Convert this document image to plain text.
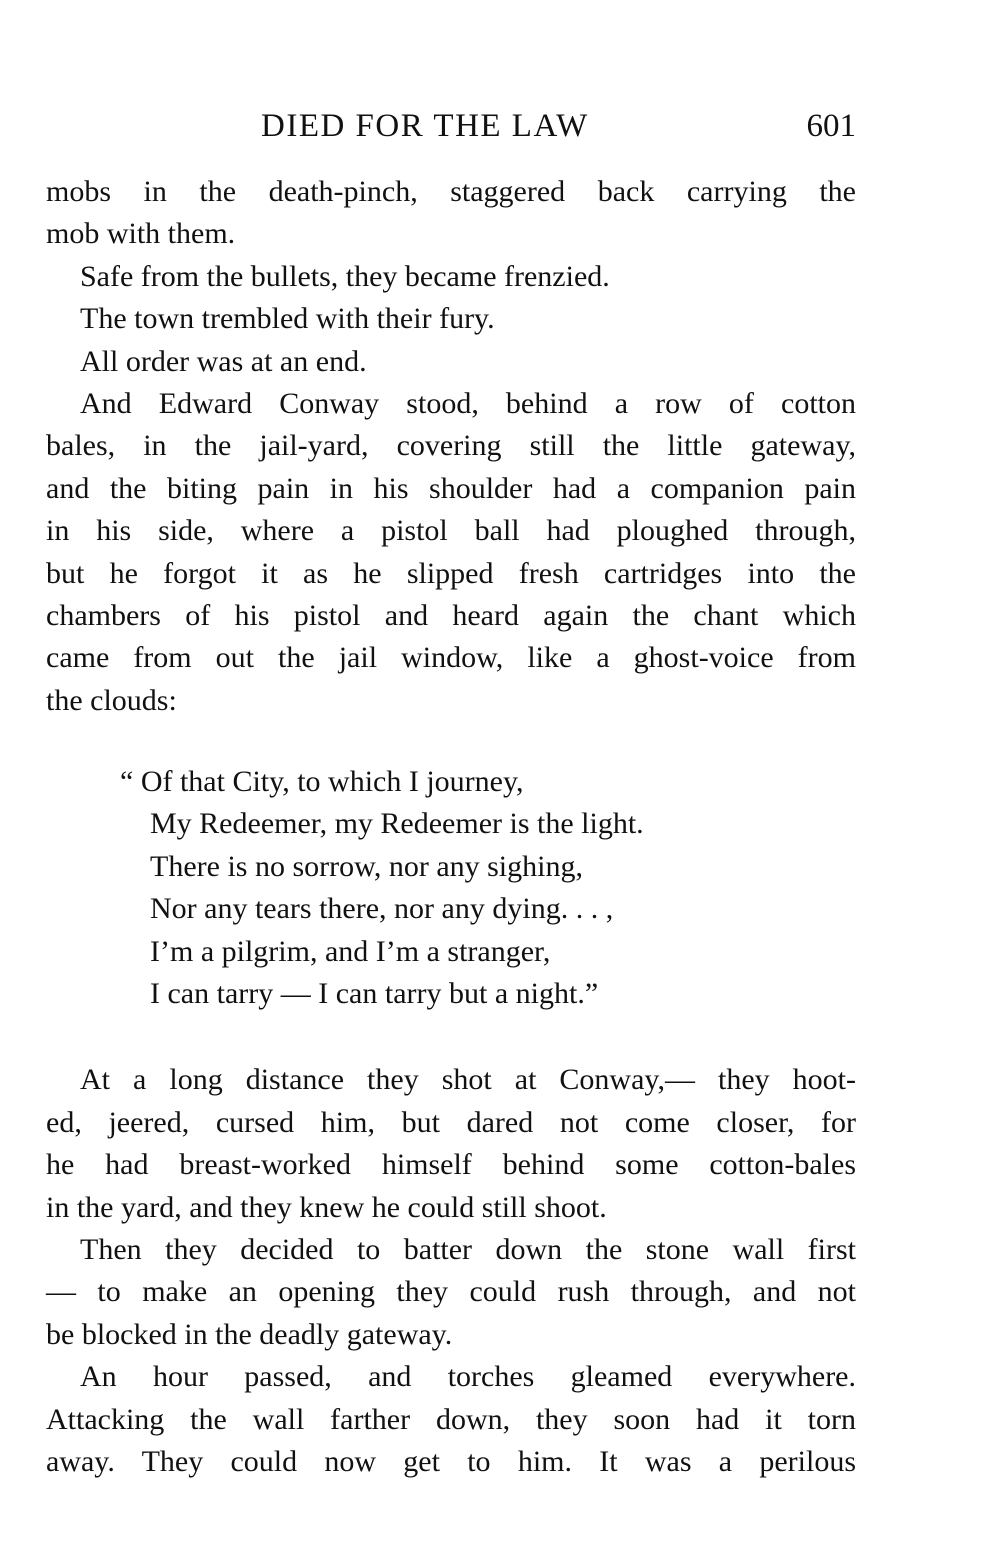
DIED FOR THE LAW	601
mobs in the death-pinch, staggered back carrying the
mob with them.
Safe from the bullets, they became frenzied.
The town trembled with their fury.
All order was at an end.
And Edward Conway stood, behind a row of cotton
bales, in the jail-yard, covering still the little gateway,
and the biting pain in his shoulder had a companion pain
in his side, where a pistol ball had ploughed through,
but he forgot it as he slipped fresh cartridges into the
chambers of his pistol and heard again the chant which
came from out the jail window, like a ghost-voice from
the clouds:
“ Of that City, to which I journey,
My Redeemer, my Redeemer is the light.
There is no sorrow, nor any sighing,
Nor any tears there, nor any dying. . . ,
I’m a pilgrim, and I’m a stranger,
I can tarry — I can tarry but a night.”
At a long distance they shot at Conway,— they hoot-
ed, jeered, cursed him, but dared not come closer, for
he had breast-worked himself behind some cotton-bales
in the yard, and they knew he could still shoot.
Then they decided to batter down the stone wall first
— to make an opening they could rush through, and not
be blocked in the deadly gateway.
An hour passed, and torches gleamed everywhere.
Attacking the wall farther down, they soon had it torn
away. They could now get to him. It was a perilous
